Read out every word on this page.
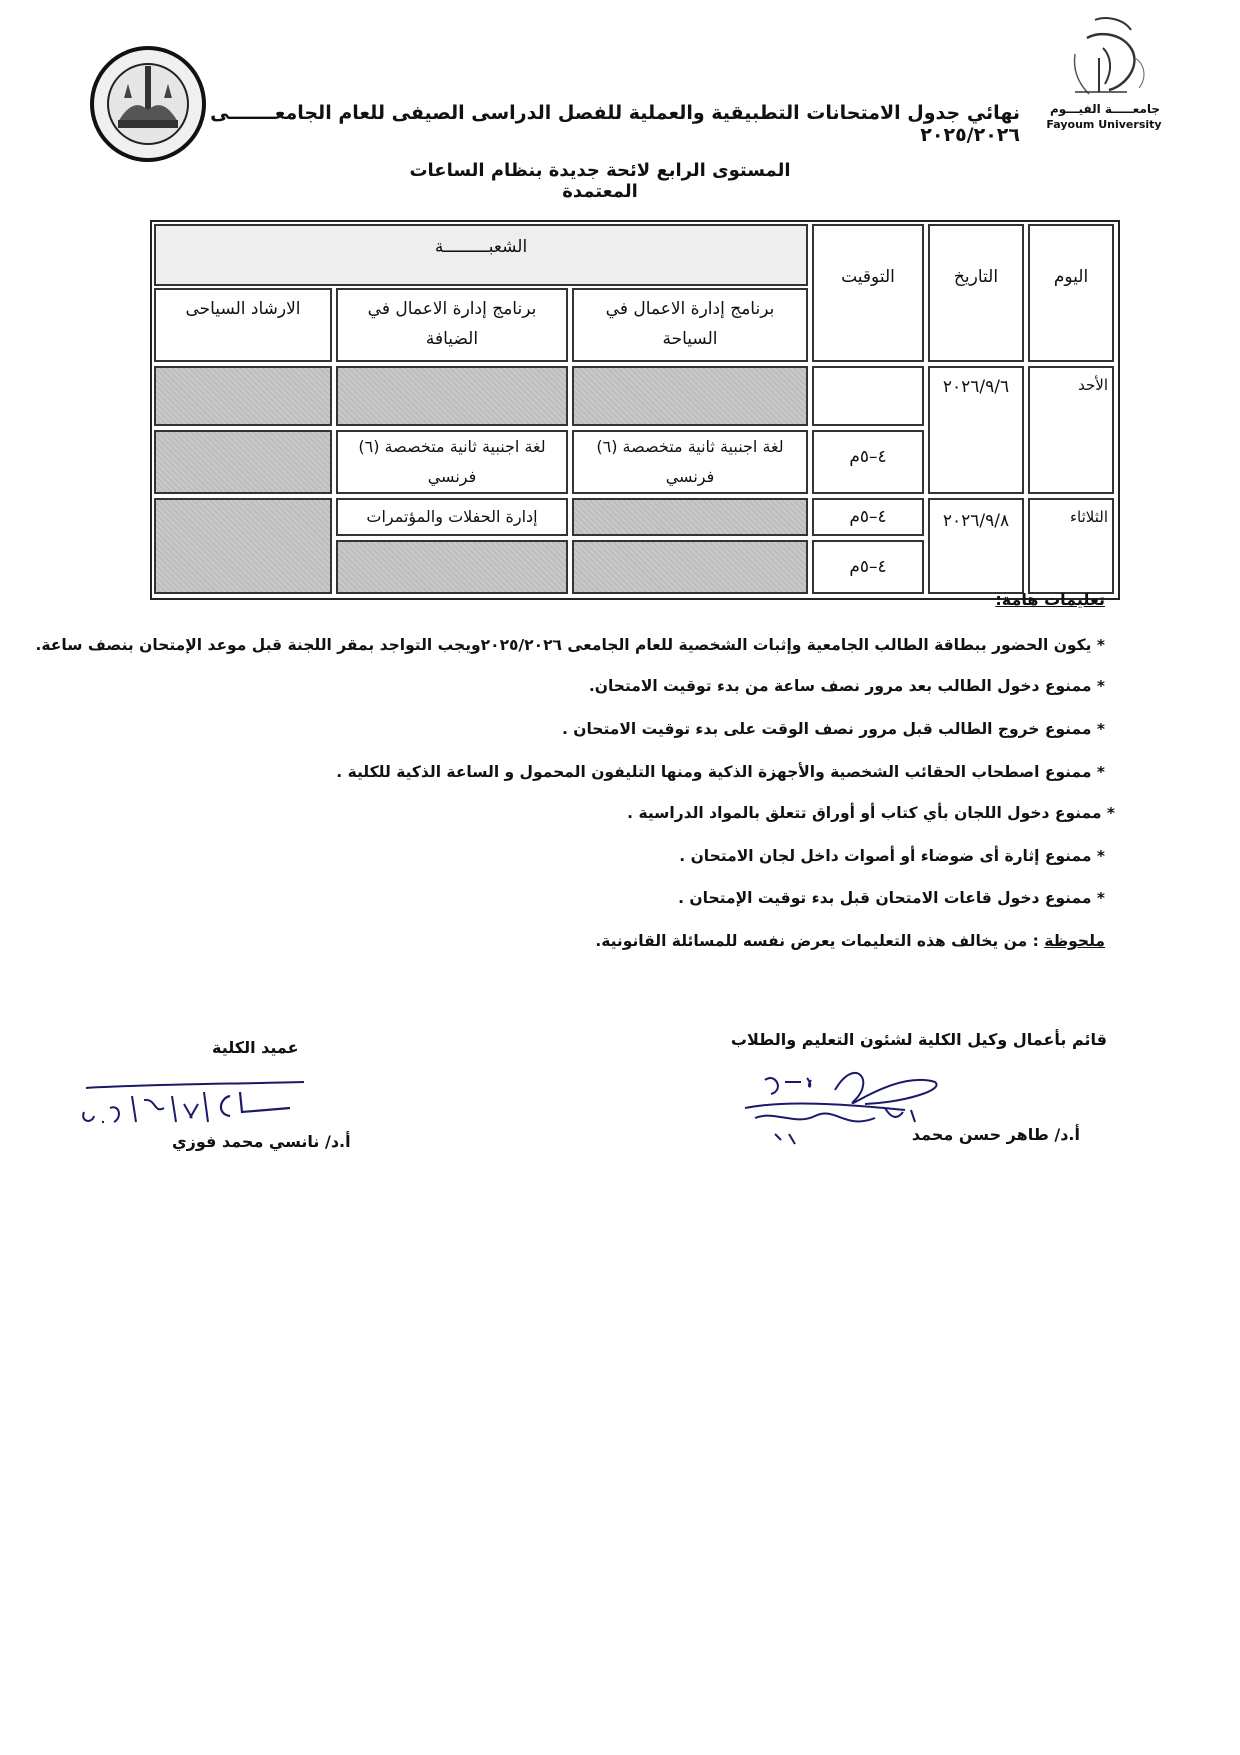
جامعـــــة الفيـــوم
Fayoum University
نهائي جدول الامتحانات التطبيقية والعملية للفصل الدراسى الصيفى للعام الجامعـــــــى ٢٠٢٥/٢٠٢٦
المستوى الرابع لائحة جديدة بنظام الساعات المعتمدة
اليوم
التاريخ
التوقيت
الشعبـــــــــة
برنامج إدارة الاعمال في
السياحة
برنامج إدارة الاعمال في
الضيافة
الارشاد السياحى
الأحد
٢٠٢٦/٩/٦
الثلاثاء
٢٠٢٦/٩/٨
٤–٥م
لغة اجنبية ثانية متخصصة (٦)
فرنسي
لغة اجنبية ثانية متخصصة (٦)
فرنسي
٤–٥م
إدارة الحفلات والمؤتمرات
٤–٥م
تعليمات هامة:
* يكون الحضور ببطاقة الطالب الجامعية وإثبات الشخصية للعام الجامعى ٢٠٢٥/٢٠٢٦ويجب التواجد بمقر اللجنة قبل موعد الإمتحان بنصف ساعة.
* ممنوع دخول الطالب بعد مرور نصف ساعة من بدء توقيت الامتحان.
* ممنوع خروج الطالب قبل مرور نصف الوقت على بدء توقيت الامتحان .
* ممنوع اصطحاب الحقائب الشخصية والأجهزة الذكية ومنها التليفون المحمول و الساعة الذكية للكلية .
* ممنوع دخول اللجان بأي كتاب أو أوراق تتعلق بالمواد الدراسية .
* ممنوع إثارة أى ضوضاء أو أصوات داخل لجان الامتحان .
* ممنوع دخول قاعات الامتحان قبل بدء توقيت الإمتحان .
ملحوظة : من يخالف هذه التعليمات يعرض نفسه للمسائلة القانونية.
قائم بأعمال وكيل الكلية لشئون التعليم والطلاب
أ.د/ طاهر حسن محمد
عميد الكلية
أ.د/ نانسي محمد فوزي
